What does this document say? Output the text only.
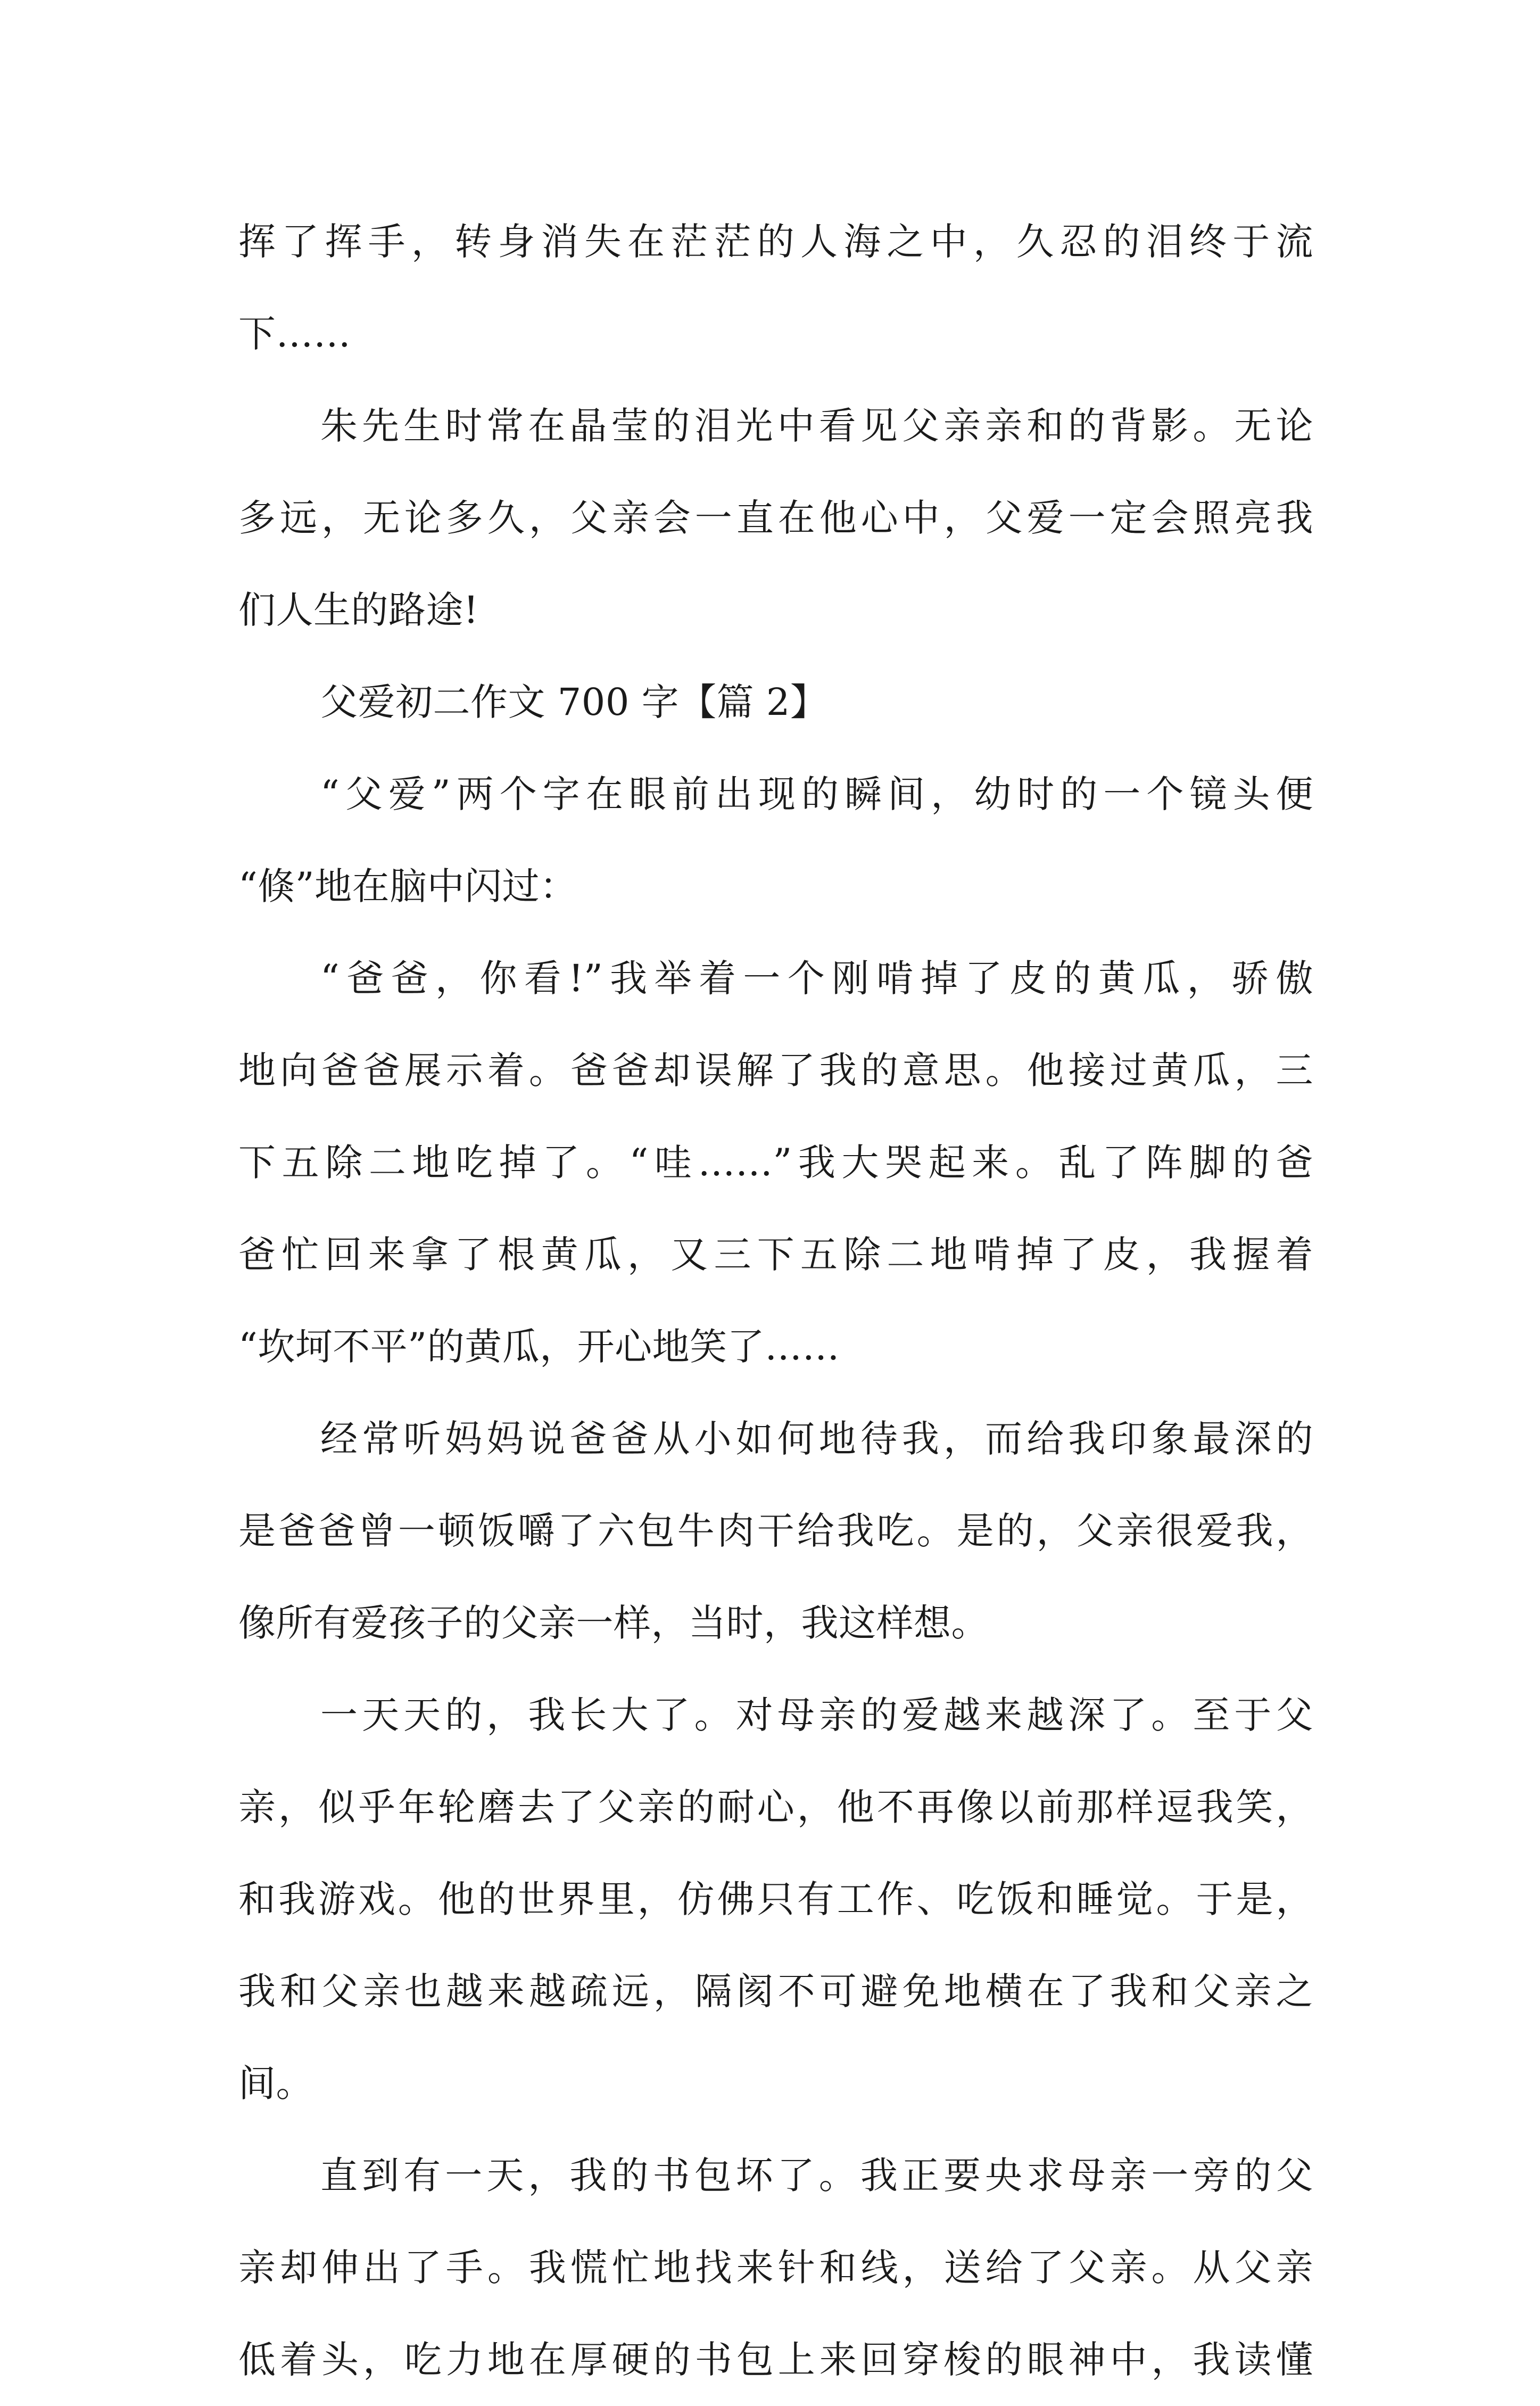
挥了挥手，转身消失在茫茫的人海之中，久忍的泪终于流
下……
朱先生时常在晶莹的泪光中看见父亲亲和的背影。无论
多远，无论多久，父亲会一直在他心中，父爱一定会照亮我
们人生的路途!
父爱初二作文 700 字【篇 2】
“父爱”两个字在眼前出现的瞬间，幼时的一个镜头便
“倏”地在脑中闪过：
“爸爸，你看!”我举着一个刚啃掉了皮的黄瓜，骄傲
地向爸爸展示着。爸爸却误解了我的意思。他接过黄瓜，三
下五除二地吃掉了。“哇……”我大哭起来。乱了阵脚的爸
爸忙回来拿了根黄瓜，又三下五除二地啃掉了皮，我握着
“坎坷不平”的黄瓜，开心地笑了……
经常听妈妈说爸爸从小如何地待我，而给我印象最深的
是爸爸曾一顿饭嚼了六包牛肉干给我吃。是的，父亲很爱我，
像所有爱孩子的父亲一样，当时，我这样想。
一天天的，我长大了。对母亲的爱越来越深了。至于父
亲，似乎年轮磨去了父亲的耐心，他不再像以前那样逗我笑，
和我游戏。他的世界里，仿佛只有工作、吃饭和睡觉。于是，
我和父亲也越来越疏远，隔阂不可避免地横在了我和父亲之
间。
直到有一天，我的书包坏了。我正要央求母亲一旁的父
亲却伸出了手。我慌忙地找来针和线，送给了父亲。从父亲
低着头，吃力地在厚硬的书包上来回穿梭的眼神中，我读懂
